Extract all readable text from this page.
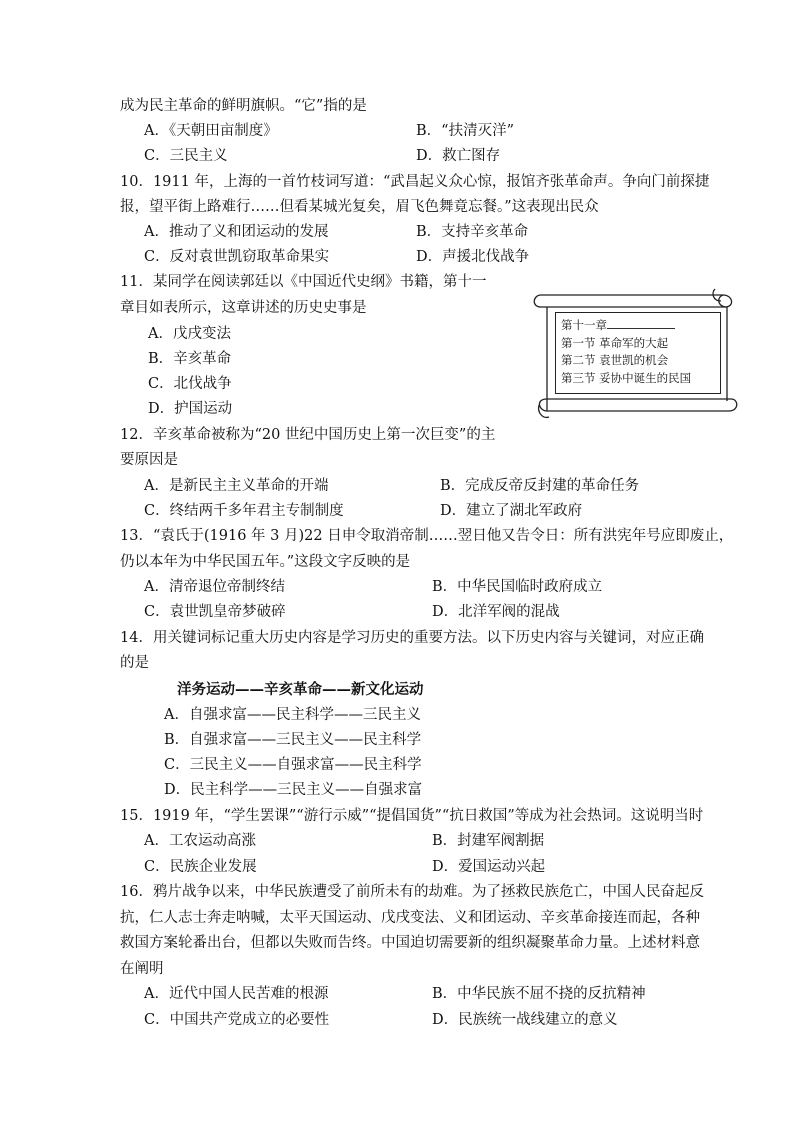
成为民主革命的鲜明旗帜。“它”指的是
A．《天朝田亩制度》	B．“扶清灭洋”
C．三民主义	D．救亡图存
10．1911 年，上海的一首竹枝词写道：“武昌起义众心惊，报馆齐张革命声。争向门前探捷
报，望平街上路难行……但看某城光复矣，眉飞色舞竟忘餐。”这表现出民众
A．推动了义和团运动的发展	B．支持辛亥革命
C．反对袁世凯窃取革命果实	D．声援北伐战争
11．某同学在阅读郭廷以《中国近代史纲》书籍，第十一
章目如表所示，这章讲述的历史史事是
A．戊戌变法
B．辛亥革命
C．北伐战争
D．护国运动
第十一章
第一节 革命军的大起
第二节 袁世凯的机会
第三节 妥协中诞生的民国
12．辛亥革命被称为“20 世纪中国历史上第一次巨变”的主
要原因是
A．是新民主主义革命的开端	B．完成反帝反封建的革命任务
C．终结两千多年君主专制制度	D．建立了湖北军政府
13．“袁氏于(1916 年 3 月)22 日申令取消帝制……翌日他又告令日：所有洪宪年号应即废止，
仍以本年为中华民国五年。”这段文字反映的是
A．清帝退位帝制终结	B．中华民国临时政府成立
C．袁世凯皇帝梦破碎	D．北洋军阀的混战
14．用关键词标记重大历史内容是学习历史的重要方法。以下历史内容与关键词，对应正确
的是
洋务运动——辛亥革命——新文化运动
A．自强求富——民主科学——三民主义
B．自强求富——三民主义——民主科学
C．三民主义——自强求富——民主科学
D．民主科学——三民主义——自强求富
15．1919 年，“学生罢课”“游行示威”“提倡国货”“抗日救国”等成为社会热词。这说明当时
A．工农运动高涨	B．封建军阀割据
C．民族企业发展	D．爱国运动兴起
16．鸦片战争以来，中华民族遭受了前所未有的劫难。为了拯救民族危亡，中国人民奋起反
抗，仁人志士奔走呐喊，太平天国运动、戊戌变法、义和团运动、辛亥革命接连而起，各种
救国方案轮番出台，但都以失败而告终。中国迫切需要新的组织凝聚革命力量。上述材料意
在阐明
A．近代中国人民苦难的根源	B．中华民族不屈不挠的反抗精神
C．中国共产党成立的必要性	D．民族统一战线建立的意义
